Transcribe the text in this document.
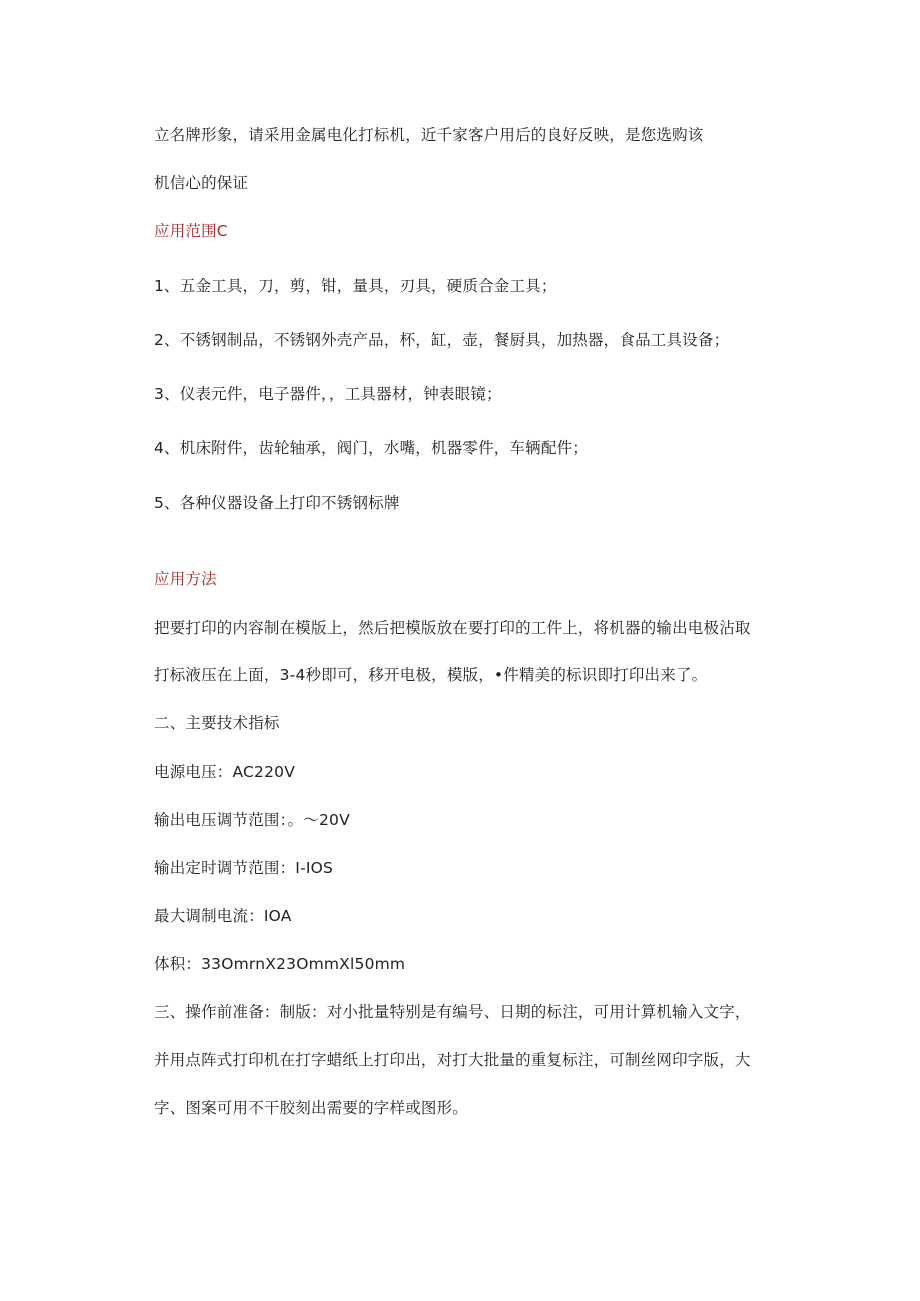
立名牌形象，请采用金属电化打标机，近千家客户用后的良好反映，是您选购该

机信心的保证

应用范围C

1、五金工具，刀，剪，钳，量具，刃具，硬质合金工具；

2、不锈钢制品，不锈钢外壳产品，杯，缸，壶，餐厨具，加热器，食品工具设备；

3、仪表元件，电子器件，，工具器材，钟表眼镜；

4、机床附件，齿轮轴承，阀门，水嘴，机器零件，车辆配件；

5、各种仪器设备上打印不锈钢标牌

应用方法

把要打印的内容制在模版上，然后把模版放在要打印的工件上，将机器的输出电极沾取

打标液压在上面，3-4秒即可，移开电极，模版，•件精美的标识即打印出来了。

二、主要技术指标

电源电压：AC220V

输出电压调节范围：。～20V

输出定时调节范围：I-IOS

最大调制电流：IOA

体积：33OmrnX23OmmXl50mm

三、操作前准备：制版：对小批量特别是有编号、日期的标注，可用计算机输入文字，

并用点阵式打印机在打字蜡纸上打印出，对打大批量的重复标注，可制丝网印字版，大

字、图案可用不干胶刻出需要的字样或图形。
